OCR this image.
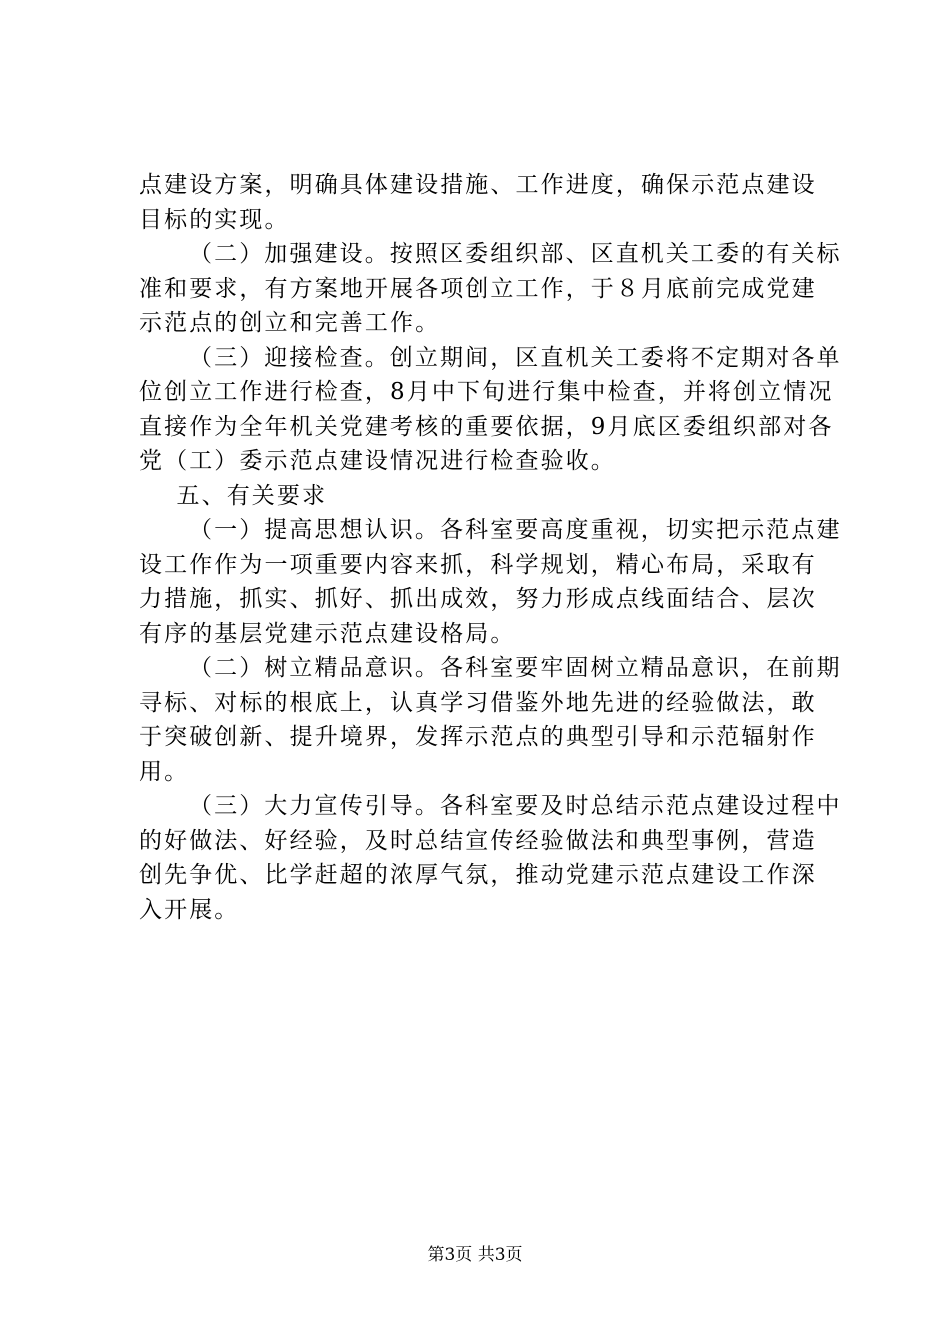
点建设方案，明确具体建设措施、工作进度，确保示范点建设
目标的实现。
（二）加强建设。按照区委组织部、区直机关工委的有关标
准和要求，有方案地开展各项创立工作，于８月底前完成党建
示范点的创立和完善工作。
（三）迎接检查。创立期间，区直机关工委将不定期对各单
位创立工作进行检查，8月中下旬进行集中检查，并将创立情况
直接作为全年机关党建考核的重要依据，9月底区委组织部对各
党（工）委示范点建设情况进行检查验收。
五、有关要求
（一）提高思想认识。各科室要高度重视，切实把示范点建
设工作作为一项重要内容来抓，科学规划，精心布局，采取有
力措施，抓实、抓好、抓出成效，努力形成点线面结合、层次
有序的基层党建示范点建设格局。
（二）树立精品意识。各科室要牢固树立精品意识，在前期
寻标、对标的根底上，认真学习借鉴外地先进的经验做法，敢
于突破创新、提升境界，发挥示范点的典型引导和示范辐射作
用。
（三）大力宣传引导。各科室要及时总结示范点建设过程中
的好做法、好经验，及时总结宣传经验做法和典型事例，营造
创先争优、比学赶超的浓厚气氛，推动党建示范点建设工作深
入开展。
第3页 共3页
